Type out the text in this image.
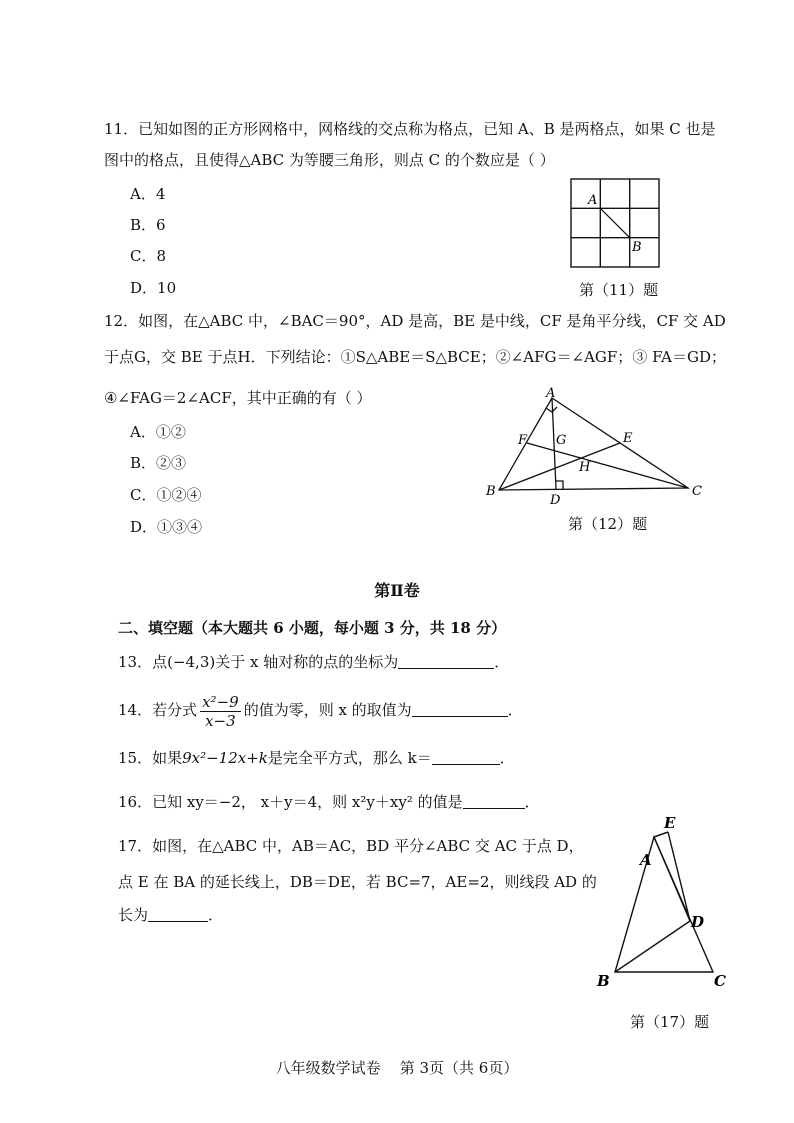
11．已知如图的正方形网格中，网格线的交点称为格点，已知 A、B 是两格点，如果 C 也是
图中的格点，且使得△ABC 为等腰三角形，则点 C 的个数应是（ ）
A．4
B．6
C．8
D．10
A
B
第（11）题
12．如图，在△ABC 中，∠BAC＝90°，AD 是高，BE 是中线，CF 是角平分线，CF 交 AD
于点G，交 BE 于点H．下列结论：①S△ABE＝S△BCE；②∠AFG＝∠AGF；③ FA＝GD；
④∠FAG＝2∠ACF，其中正确的有（ ）
A．①②
B．②③
C．①②④
D．①③④
A
B	C
D
E
F G
H
第（12）题
第Ⅱ卷
二、填空题（本大题共 6 小题，每小题 3 分，共 18 分）
13．点(−4,3)关于 x 轴对称的点的坐标为	．
14．若分式 $\frac{\text{x²−9}}{x-3}$ 的值为零，则 x 的取值为	．
15．如果9x²−12x+k是完全平方式，那么 k＝	．
16．已知 xy＝−2， x＋y＝4，则 x²y＋xy² 的值是	．
17．如图，在△ABC 中，AB＝AC，BD 平分∠ABC 交 AC 于点 D，
点 E 在 BA 的延长线上，DB＝DE，若 BC=7，AE=2，则线段 AD 的
长为	．
E
A
D
B	C
第（17）题
八年级数学试卷    第 3页（共 6页）
